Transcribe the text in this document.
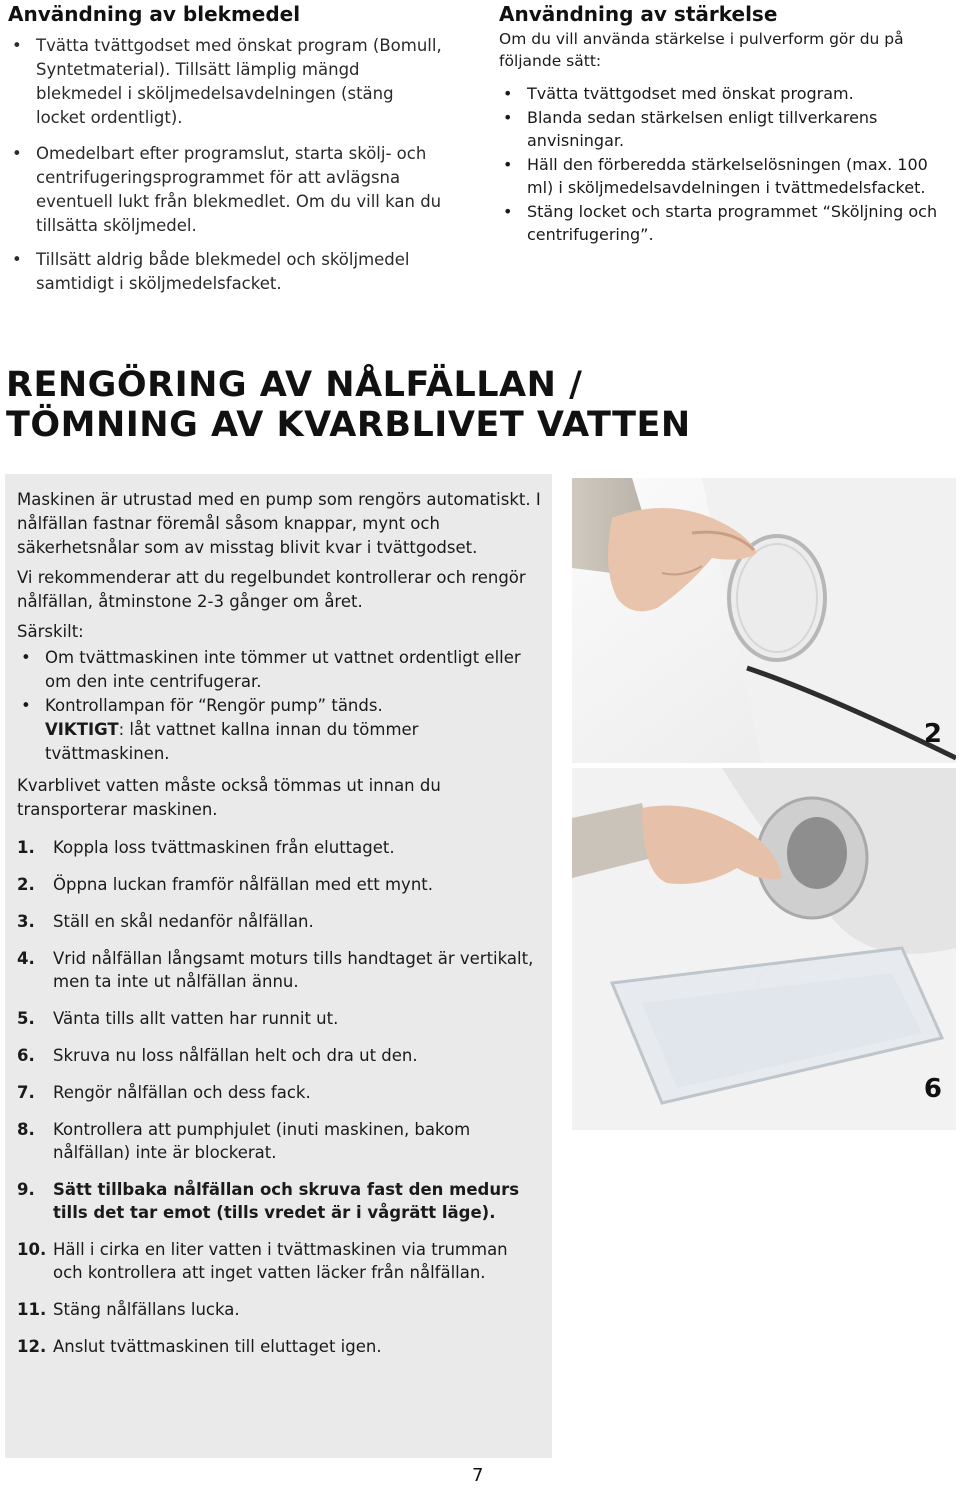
Användning av blekmedel
• Tvätta tvättgodset med önskat program (Bomull, Syntetmaterial). Tillsätt lämplig mängd blekmedel i sköljmedelsavdelningen (stäng locket ordentligt).
• Omedelbart efter programslut, starta skölj- och centrifugeringsprogrammet för att avlägsna eventuell lukt från blekmedlet. Om du vill kan du tillsätta sköljmedel.
• Tillsätt aldrig både blekmedel och sköljmedel samtidigt i sköljmedelsfacket.
Användning av stärkelse

Om du vill använda stärkelse i pulverform gör du på följande sätt:

• Tvätta tvättgodset med önskat program.
• Blanda sedan stärkelsen enligt tillverkarens anvisningar.
• Häll den förberedda stärkelselösningen (max. 100 ml) i sköljmedelsavdelningen i tvättmedelsfacket.
• Stäng locket och starta programmet “Sköljning och centrifugering”.
RENGÖRING AV NÅLFÄLLAN /
TÖMNING AV KVARBLIVET VATTEN

Maskinen är utrustad med en pump som rengörs automatiskt. I nålfällan fastnar föremål såsom knappar, mynt och säkerhetsnålar som av misstag blivit kvar i tvättgodset.

Vi rekommenderar att du regelbundet kontrollerar och rengör nålfällan, åtminstone 2-3 gånger om året.

Särskilt:
• Om tvättmaskinen inte tömmer ut vattnet ordentligt eller om den inte centrifugerar.
• Kontrollampan för “Rengör pump” tänds.
VIKTIGT: låt vattnet kallna innan du tömmer tvättmaskinen.

Kvarblivet vatten måste också tömmas ut innan du transporterar maskinen.

1. Koppla loss tvättmaskinen från eluttaget.
2. Öppna luckan framför nålfällan med ett mynt.
3. Ställ en skål nedanför nålfällan.
4. Vrid nålfällan långsamt moturs tills handtaget är vertikalt, men ta inte ut nålfällan ännu.
5. Vänta tills allt vatten har runnit ut.
6. Skruva nu loss nålfällan helt och dra ut den.
7. Rengör nålfällan och dess fack.
8. Kontrollera att pumphjulet (inuti maskinen, bakom nålfällan) inte är blockerat.
9. Sätt tillbaka nålfällan och skruva fast den medurs tills det tar emot (tills vredet är i vågrätt läge).
10. Häll i cirka en liter vatten i tvättmaskinen via trumman och kontrollera att inget vatten läcker från nålfällan.
11. Stäng nålfällans lucka.
12. Anslut tvättmaskinen till eluttaget igen.
2
6
7
